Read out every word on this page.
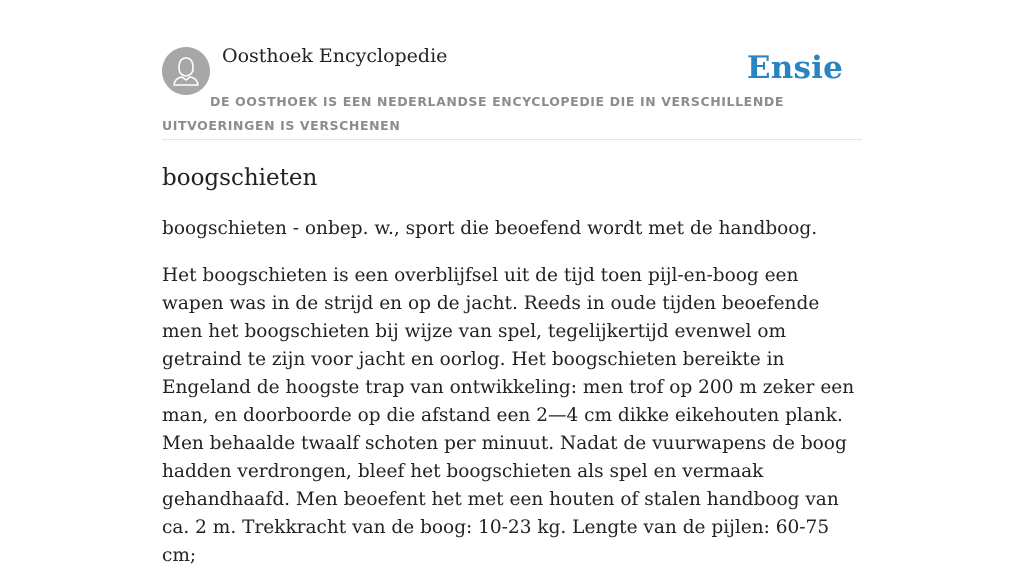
Oosthoek Encyclopedie	Ensie
DE OOSTHOEK IS EEN NEDERLANDSE ENCYCLOPEDIE DIE IN VERSCHILLENDE UITVOERINGEN IS VERSCHENEN
boogschieten

boogschieten - onbep. w., sport die beoefend wordt met de handboog.

Het boogschieten is een overblijfsel uit de tijd toen pijl-en-boog een wapen was in de strijd en op de jacht. Reeds in oude tijden beoefende men het boogschieten bij wijze van spel, tegelijkertijd evenwel om getraind te zijn voor jacht en oorlog. Het boogschieten bereikte in Engeland de hoogste trap van ontwikkeling: men trof op 200 m zeker een man, en doorboorde op die afstand een 2—4 cm dikke eikehouten plank. Men behaalde twaalf schoten per minuut. Nadat de vuurwapens de boog hadden verdrongen, bleef het boogschieten als spel en vermaak gehandhaafd. Men beoefent het met een houten of stalen handboog van ca. 2 m. Trekkracht van de boog: 10-23 kg. Lengte van de pijlen: 60-75 cm;
